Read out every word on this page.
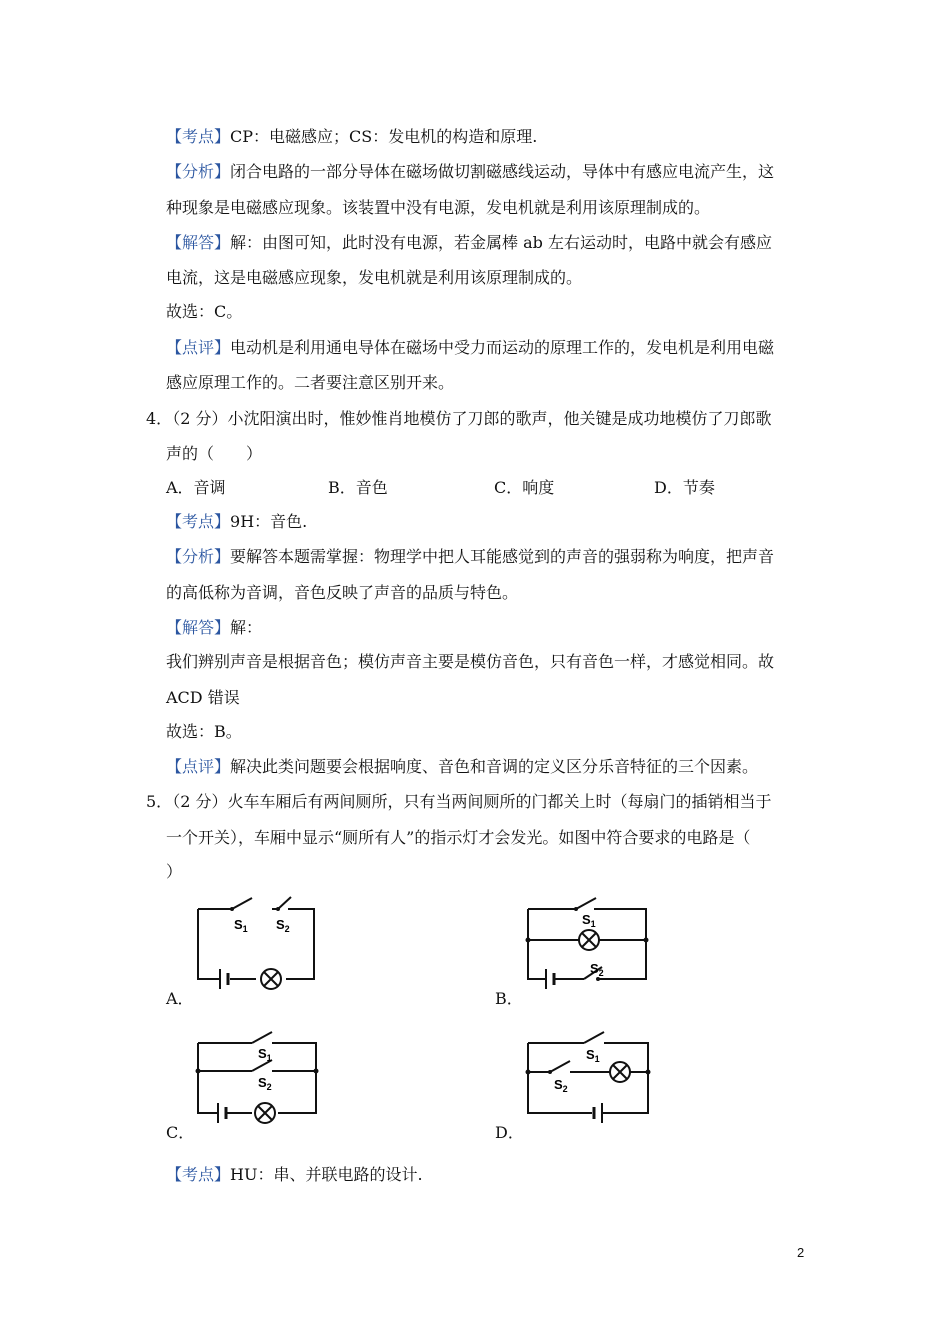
【考点】CP：电磁感应；CS：发电机的构造和原理.
【分析】闭合电路的一部分导体在磁场做切割磁感线运动，导体中有感应电流产生，这
种现象是电磁感应现象。该装置中没有电源，发电机就是利用该原理制成的。
【解答】解：由图可知，此时没有电源，若金属棒 ab 左右运动时，电路中就会有感应
电流，这是电磁感应现象，发电机就是利用该原理制成的。
故选：C。
【点评】电动机是利用通电导体在磁场中受力而运动的原理工作的，发电机是利用电磁
感应原理工作的。二者要注意区别开来。
4．（2 分）小沈阳演出时，惟妙惟肖地模仿了刀郎的歌声，他关键是成功地模仿了刀郎歌
声的（　　）
A．音调	B．音色	C．响度	D．节奏
【考点】9H：音色.
【分析】要解答本题需掌握：物理学中把人耳能感觉到的声音的强弱称为响度，把声音
的高低称为音调，音色反映了声音的品质与特色。
【解答】解：
我们辨别声音是根据音色；模仿声音主要是模仿音色，只有音色一样，才感觉相同。故
ACD 错误
故选：B。
【点评】解决此类问题要会根据响度、音色和音调的定义区分乐音特征的三个因素。
5．（2 分）火车车厢后有两间厕所，只有当两间厕所的门都关上时（每扇门的插销相当于
一个开关），车厢中显示“厕所有人”的指示灯才会发光。如图中符合要求的电路是（
）
$S_1$ $S_2$
A．
$S_1$
$S_2$
B．
$S_1$
$S_2$
C．
$S_1$
$S_2$
D．
【考点】HU：串、并联电路的设计.
2
